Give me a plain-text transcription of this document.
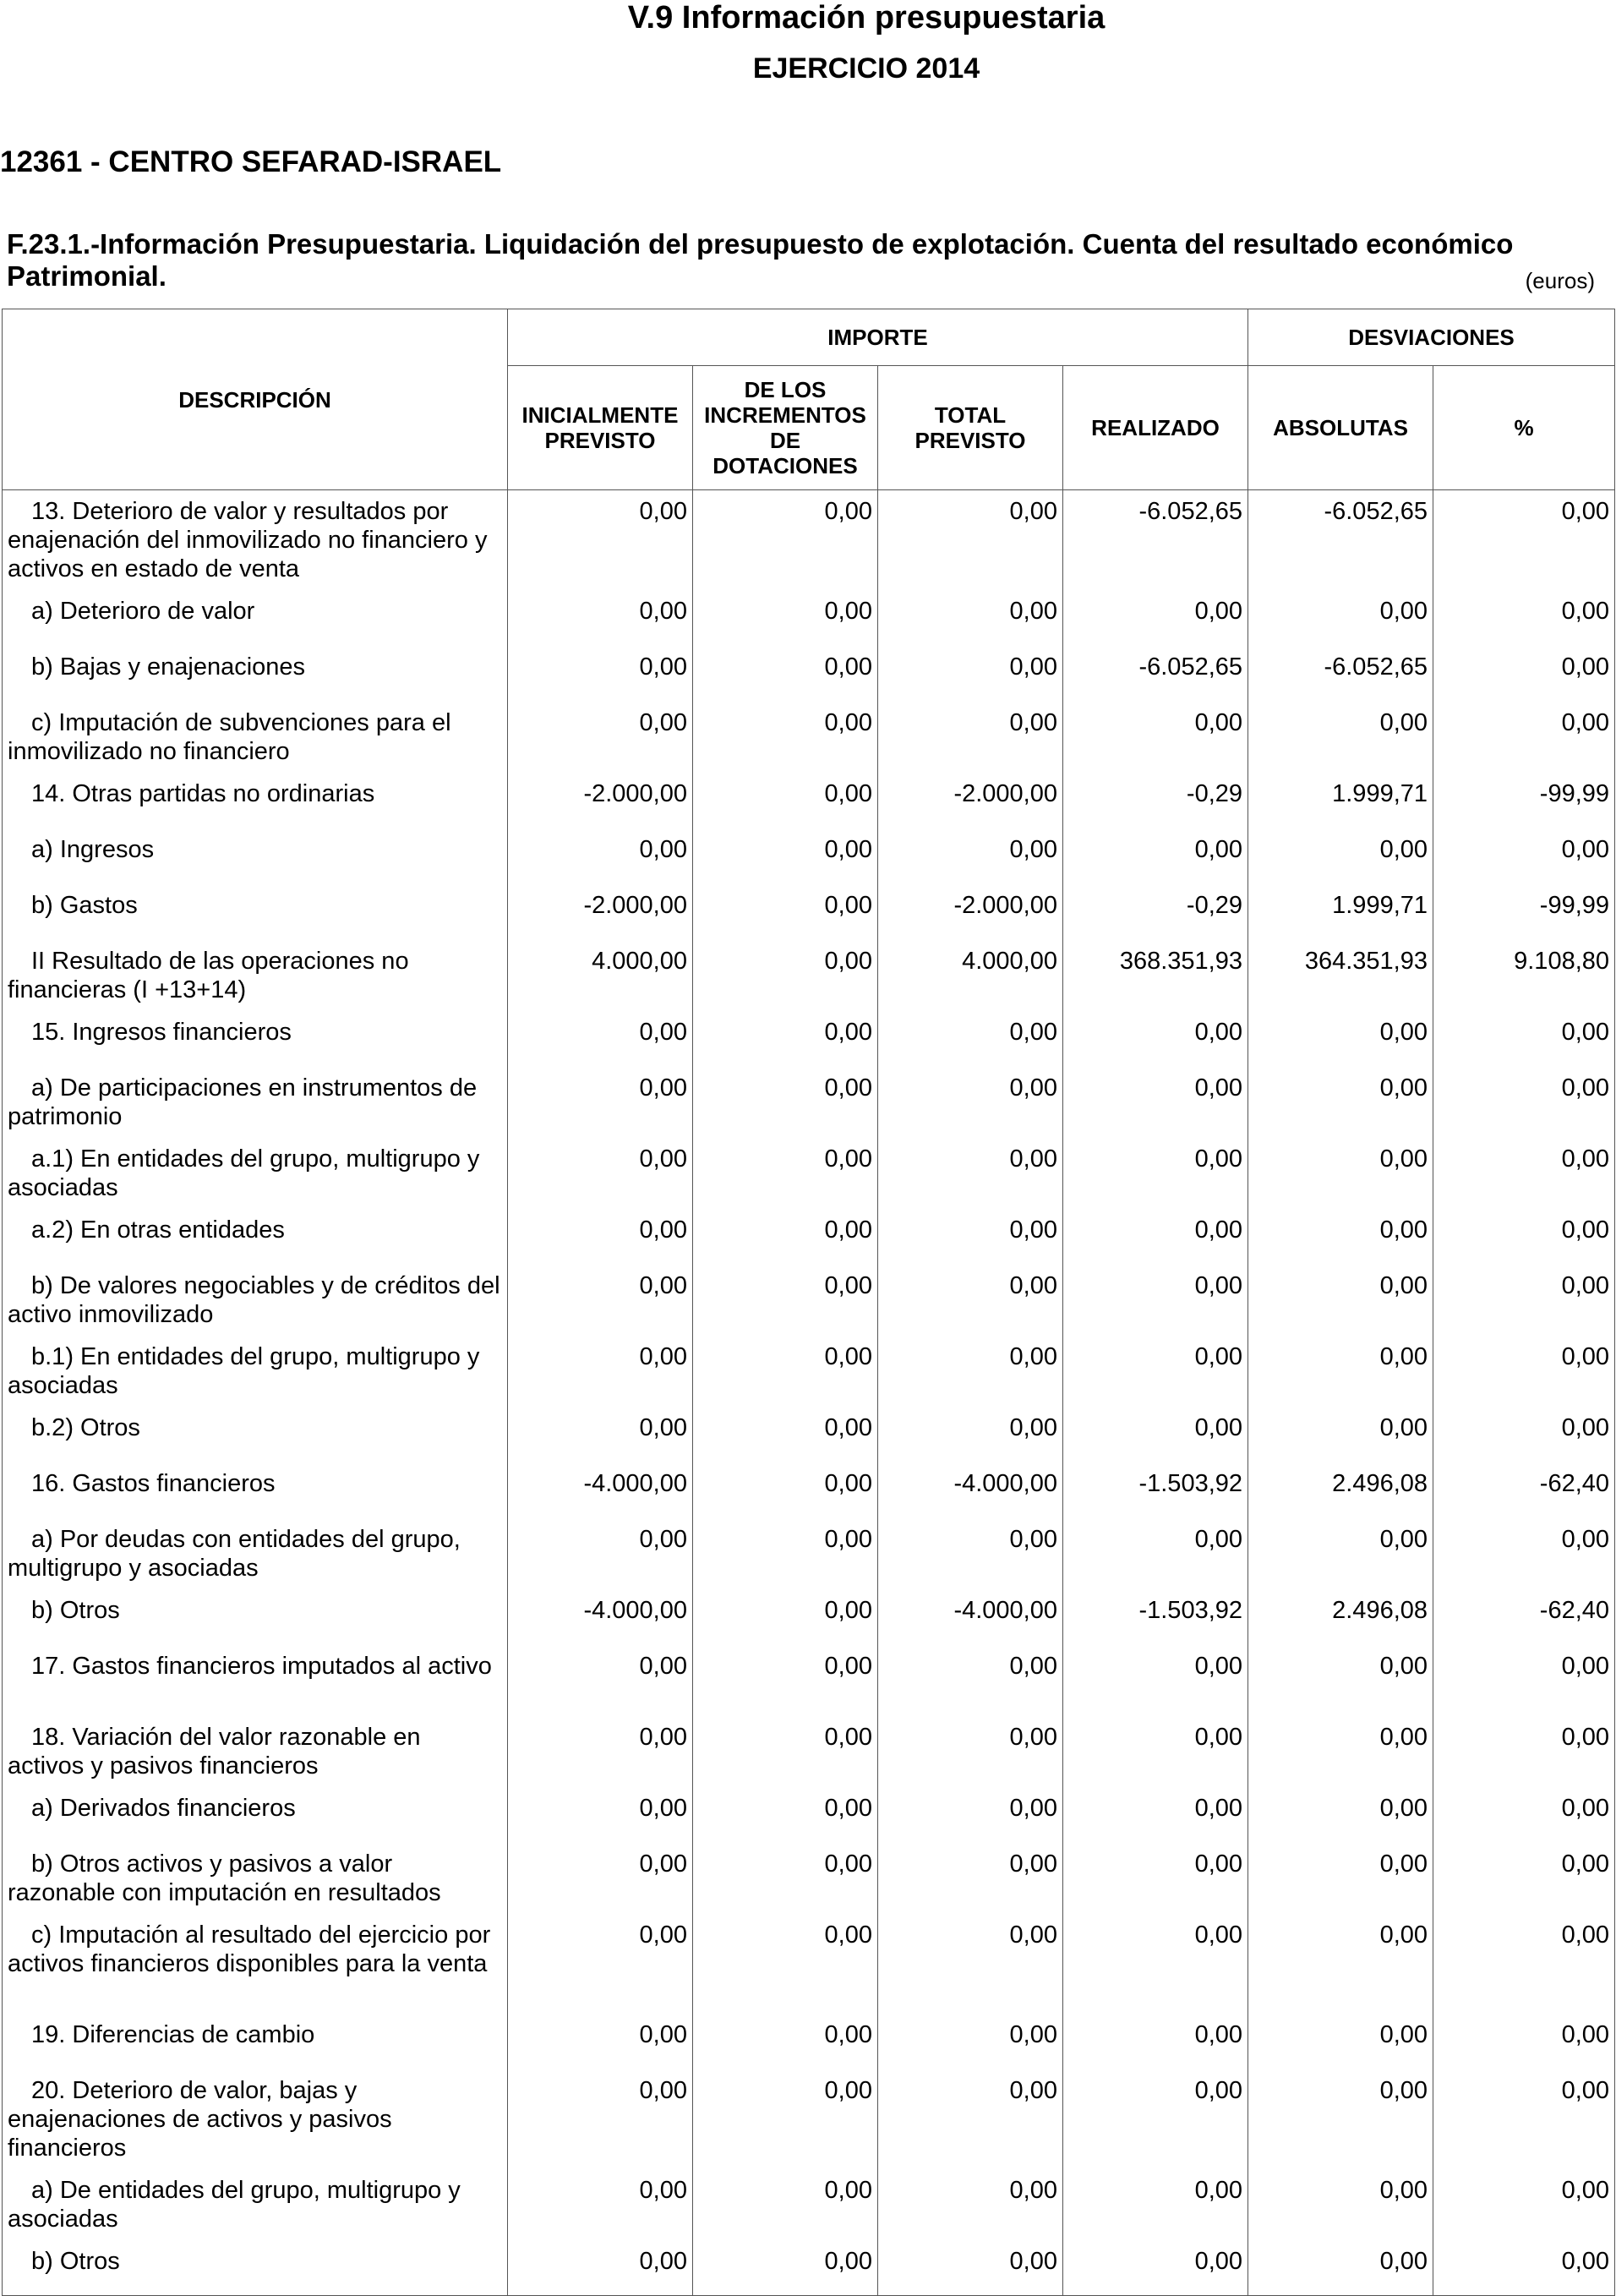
V.9 Información presupuestaria
EJERCICIO 2014
12361 - CENTRO SEFARAD-ISRAEL
F.23.1.-Información Presupuestaria. Liquidación del presupuesto de explotación. Cuenta del resultado económico Patrimonial.	(euros)
DESCRIPCIÓN	IMPORTE				DESVIACIONES	
	INICIALMENTE PREVISTO	DE LOS INCREMENTOS DE DOTACIONES	TOTAL PREVISTO	REALIZADO	ABSOLUTAS	%
13. Deterioro de valor y resultados por enajenación del inmovilizado no financiero y activos en estado de venta	0,00	0,00	0,00	-6.052,65	-6.052,65	0,00
a) Deterioro de valor	0,00	0,00	0,00	0,00	0,00	0,00
b) Bajas y enajenaciones	0,00	0,00	0,00	-6.052,65	-6.052,65	0,00
c) Imputación de subvenciones para el inmovilizado no financiero	0,00	0,00	0,00	0,00	0,00	0,00
14. Otras partidas no ordinarias	-2.000,00	0,00	-2.000,00	-0,29	1.999,71	-99,99
a) Ingresos	0,00	0,00	0,00	0,00	0,00	0,00
b) Gastos	-2.000,00	0,00	-2.000,00	-0,29	1.999,71	-99,99
II Resultado de las operaciones no financieras (I +13+14)	4.000,00	0,00	4.000,00	368.351,93	364.351,93	9.108,80
15. Ingresos financieros	0,00	0,00	0,00	0,00	0,00	0,00
a) De participaciones en instrumentos de patrimonio	0,00	0,00	0,00	0,00	0,00	0,00
a.1) En entidades del grupo, multigrupo y asociadas	0,00	0,00	0,00	0,00	0,00	0,00
a.2) En otras entidades	0,00	0,00	0,00	0,00	0,00	0,00
b) De valores negociables y de créditos del activo inmovilizado	0,00	0,00	0,00	0,00	0,00	0,00
b.1) En entidades del grupo, multigrupo y asociadas	0,00	0,00	0,00	0,00	0,00	0,00
b.2) Otros	0,00	0,00	0,00	0,00	0,00	0,00
16. Gastos financieros	-4.000,00	0,00	-4.000,00	-1.503,92	2.496,08	-62,40
a) Por deudas con entidades del grupo, multigrupo y asociadas	0,00	0,00	0,00	0,00	0,00	0,00
b) Otros	-4.000,00	0,00	-4.000,00	-1.503,92	2.496,08	-62,40
17. Gastos financieros imputados al activo	0,00	0,00	0,00	0,00	0,00	0,00
18. Variación del valor razonable en activos y pasivos financieros	0,00	0,00	0,00	0,00	0,00	0,00
a) Derivados financieros	0,00	0,00	0,00	0,00	0,00	0,00
b) Otros activos y pasivos a valor razonable con imputación en resultados	0,00	0,00	0,00	0,00	0,00	0,00
c) Imputación al resultado del ejercicio por activos financieros disponibles para la venta	0,00	0,00	0,00	0,00	0,00	0,00
19. Diferencias de cambio	0,00	0,00	0,00	0,00	0,00	0,00
20. Deterioro de valor, bajas y enajenaciones de activos y pasivos financieros	0,00	0,00	0,00	0,00	0,00	0,00
a) De entidades del grupo, multigrupo y asociadas	0,00	0,00	0,00	0,00	0,00	0,00
b) Otros	0,00	0,00	0,00	0,00	0,00	0,00
